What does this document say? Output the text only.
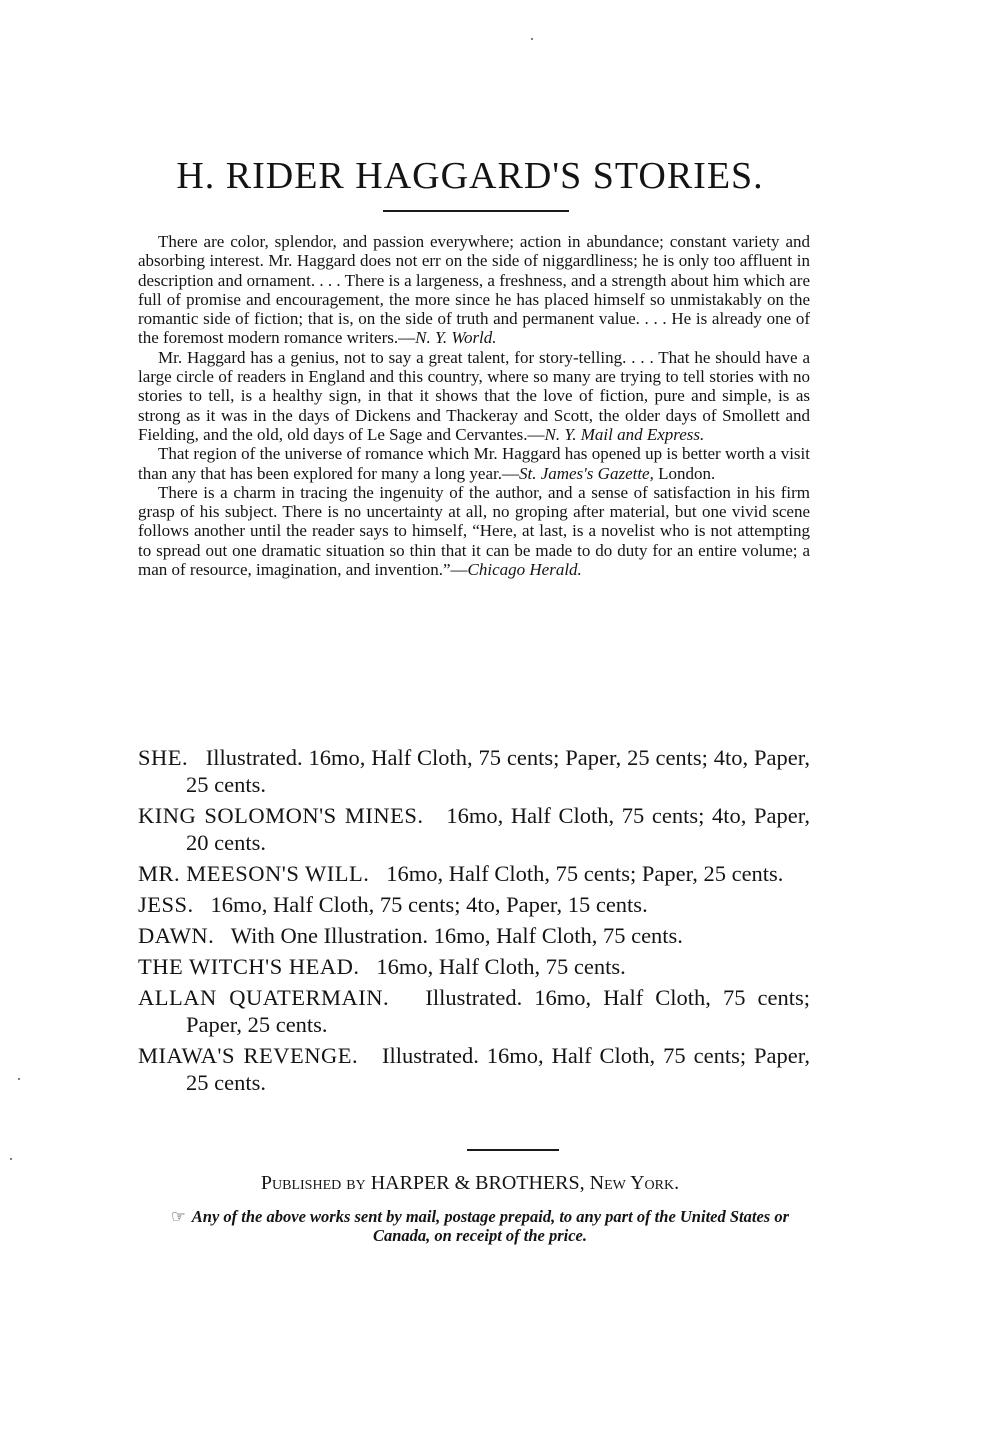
H. RIDER HAGGARD'S STORIES.

There are color, splendor, and passion everywhere; action in abundance; constant variety and absorbing interest. Mr. Haggard does not err on the side of niggardliness; he is only too affluent in description and ornament. . . . There is a largeness, a freshness, and a strength about him which are full of promise and encouragement, the more since he has placed himself so unmistakably on the romantic side of fiction; that is, on the side of truth and permanent value. . . . He is already one of the foremost modern romance writers.—N. Y. World.

Mr. Haggard has a genius, not to say a great talent, for story-telling. . . . That he should have a large circle of readers in England and this country, where so many are trying to tell stories with no stories to tell, is a healthy sign, in that it shows that the love of fiction, pure and simple, is as strong as it was in the days of Dickens and Thackeray and Scott, the older days of Smollett and Fielding, and the old, old days of Le Sage and Cervantes.—N. Y. Mail and Express.

That region of the universe of romance which Mr. Haggard has opened up is better worth a visit than any that has been explored for many a long year.—St. James's Gazette, London.

There is a charm in tracing the ingenuity of the author, and a sense of satisfaction in his firm grasp of his subject. There is no uncertainty at all, no groping after material, but one vivid scene follows another until the reader says to himself, “Here, at last, is a novelist who is not attempting to spread out one dramatic situation so thin that it can be made to do duty for an entire volume; a man of resource, imagination, and invention.”—Chicago Herald.

SHE. Illustrated. 16mo, Half Cloth, 75 cents; Paper, 25 cents; 4to, Paper, 25 cents.

KING SOLOMON'S MINES. 16mo, Half Cloth, 75 cents; 4to, Paper, 20 cents.

MR. MEESON'S WILL. 16mo, Half Cloth, 75 cents; Paper, 25 cents.

JESS. 16mo, Half Cloth, 75 cents; 4to, Paper, 15 cents.

DAWN. With One Illustration. 16mo, Half Cloth, 75 cents.

THE WITCH'S HEAD. 16mo, Half Cloth, 75 cents.

ALLAN QUATERMAIN. Illustrated. 16mo, Half Cloth, 75 cents; Paper, 25 cents.

MIAWA'S REVENGE. Illustrated. 16mo, Half Cloth, 75 cents; Paper, 25 cents.

Published by HARPER & BROTHERS, New York.
☞ Any of the above works sent by mail, postage prepaid, to any part of the United States or Canada, on receipt of the price.
